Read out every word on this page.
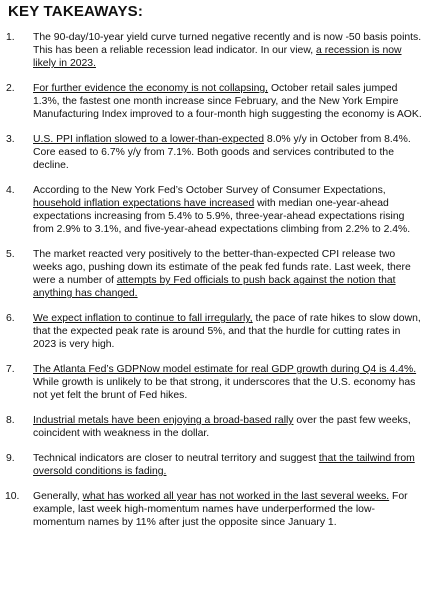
KEY TAKEAWAYS:
1.	The 90-day/10-year yield curve turned negative recently and is now -50 basis points. This has been a reliable recession lead indicator. In our view, a recession is now likely in 2023.
2.	For further evidence the economy is not collapsing, October retail sales jumped 1.3%, the fastest one month increase since February, and the New York Empire Manufacturing Index improved to a four-month high suggesting the economy is AOK.
3.	U.S. PPI inflation slowed to a lower-than-expected 8.0% y/y in October from 8.4%. Core eased to 6.7% y/y from 7.1%. Both goods and services contributed to the decline.
4.	According to the New York Fed’s October Survey of Consumer Expectations, household inflation expectations have increased with median one-year-ahead expectations increasing from 5.4% to 5.9%, three-year-ahead expectations rising from 2.9% to 3.1%, and five-year-ahead expectations climbing from 2.2% to 2.4%.
5.	The market reacted very positively to the better-than-expected CPI release two weeks ago, pushing down its estimate of the peak fed funds rate. Last week, there were a number of attempts by Fed officials to push back against the notion that anything has changed.
6.	We expect inflation to continue to fall irregularly, the pace of rate hikes to slow down, that the expected peak rate is around 5%, and that the hurdle for cutting rates in 2023 is very high.
7.	The Atlanta Fed’s GDPNow model estimate for real GDP growth during Q4 is 4.4%. While growth is unlikely to be that strong, it underscores that the U.S. economy has not yet felt the brunt of Fed hikes.
8.	Industrial metals have been enjoying a broad-based rally over the past few weeks, coincident with weakness in the dollar.
9.	Technical indicators are closer to neutral territory and suggest that the tailwind from oversold conditions is fading.
10.	Generally, what has worked all year has not worked in the last several weeks. For example, last week high-momentum names have underperformed the low-momentum names by 11% after just the opposite since January 1.
